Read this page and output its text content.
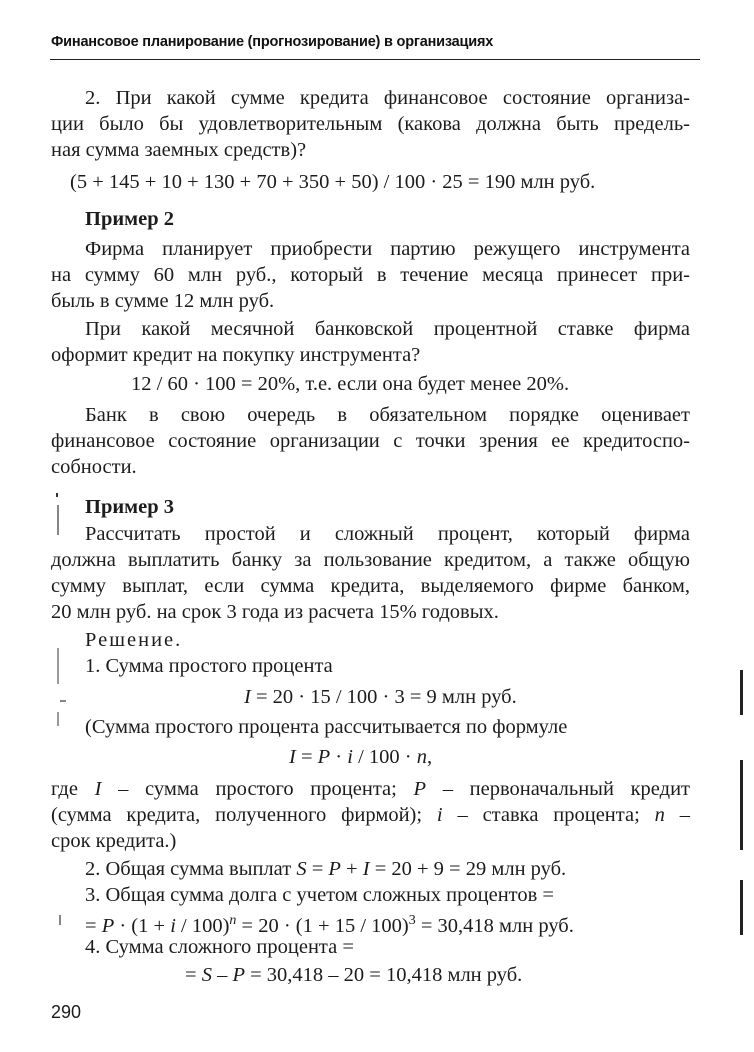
Финансовое планирование (прогнозирование) в организациях
2. При какой сумме кредита финансовое состояние организа-
ции было бы удовлетворительным (какова должна быть предель-
ная сумма заемных средств)?
(5 + 145 + 10 + 130 + 70 + 350 + 50) / 100 · 25 = 190 млн руб.
Пример 2
Фирма планирует приобрести партию режущего инструмента
на сумму 60 млн руб., который в течение месяца принесет при-
быль в сумме 12 млн руб.
При какой месячной банковской процентной ставке фирма
оформит кредит на покупку инструмента?
12 / 60 · 100 = 20%, т.е. если она будет менее 20%.
Банк в свою очередь в обязательном порядке оценивает
финансовое состояние организации с точки зрения ее кредитоспо-
собности.
Пример 3
Рассчитать простой и сложный процент, который фирма
должна выплатить банку за пользование кредитом, а также общую
сумму выплат, если сумма кредита, выделяемого фирме банком,
20 млн руб. на срок 3 года из расчета 15% годовых.
Решение.
1. Сумма простого процента
I = 20 · 15 / 100 · 3 = 9 млн руб.
(Сумма простого процента рассчитывается по формуле
I = P · i / 100 · n,
где I – сумма простого процента; P – первоначальный кредит
(сумма кредита, полученного фирмой); i – ставка процента; n –
срок кредита.)
2. Общая сумма выплат S = P + I = 20 + 9 = 29 млн руб.
3. Общая сумма долга с учетом сложных процентов =
= $P \cdot (1 + i / 100)^n = 20 \cdot (1 + 15 / 100)^3 = 30,418$ млн руб.
4. Сумма сложного процента =
= S – P = 30,418 – 20 = 10,418 млн руб.
290
